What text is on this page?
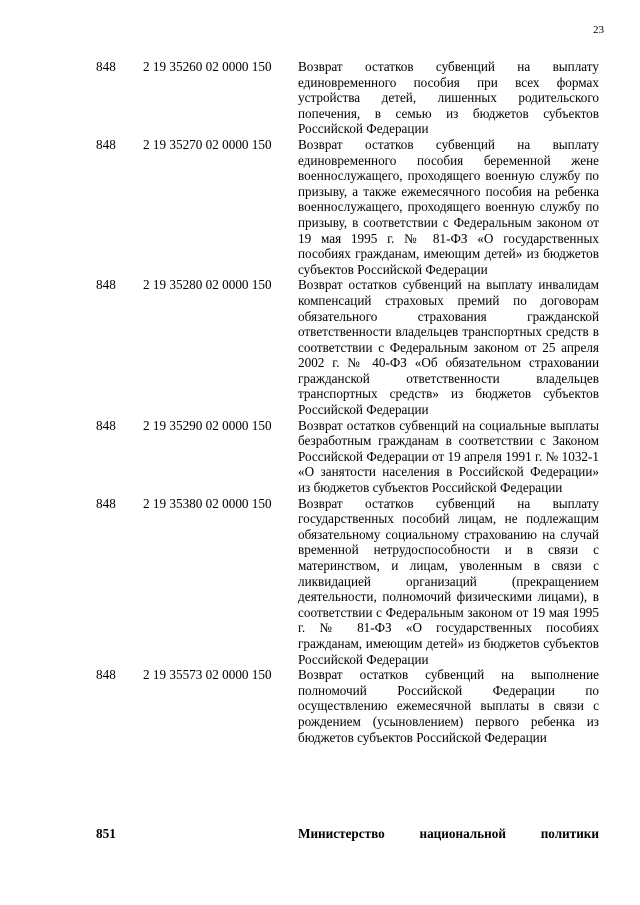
23
848 2 19 35260 02 0000 150 Возврат остатков субвенций на выплату единовременного пособия при всех формах устройства детей, лишенных родительского попечения, в семью из бюджетов субъектов Российской Федерации
848 2 19 35270 02 0000 150 Возврат остатков субвенций на выплату единовременного пособия беременной жене военнослужащего, проходящего военную службу по призыву, а также ежемесячного пособия на ребенка военнослужащего, проходящего военную службу по призыву, в соответствии с Федеральным законом от 19 мая 1995 г. № 81-ФЗ «О государственных пособиях гражданам, имеющим детей» из бюджетов субъектов Российской Федерации
848 2 19 35280 02 0000 150 Возврат остатков субвенций на выплату инвалидам компенсаций страховых премий по договорам обязательного страхования гражданской ответственности владельцев транспортных средств в соответствии с Федеральным законом от 25 апреля 2002 г. № 40-ФЗ «Об обязательном страховании гражданской ответственности владельцев транспортных средств» из бюджетов субъектов Российской Федерации
848 2 19 35290 02 0000 150 Возврат остатков субвенций на социальные выплаты безработным гражданам в соответствии с Законом Российской Федерации от 19 апреля 1991 г. № 1032-1 «О занятости населения в Российской Федерации» из бюджетов субъектов Российской Федерации
848 2 19 35380 02 0000 150 Возврат остатков субвенций на выплату государственных пособий лицам, не подлежащим обязательному социальному страхованию на случай временной нетрудоспособности и в связи с материнством, и лицам, уволенным в связи с ликвидацией организаций (прекращением деятельности, полномочий физическими лицами), в соответствии с Федеральным законом от 19 мая 1995 г. № 81-ФЗ «О государственных пособиях гражданам, имеющим детей» из бюджетов субъектов Российской Федерации
848 2 19 35573 02 0000 150 Возврат остатков субвенций на выполнение полномочий Российской Федерации по осуществлению ежемесячной выплаты в связи с рождением (усыновлением) первого ребенка из бюджетов субъектов Российской Федерации
851	Министерство национальной политики
